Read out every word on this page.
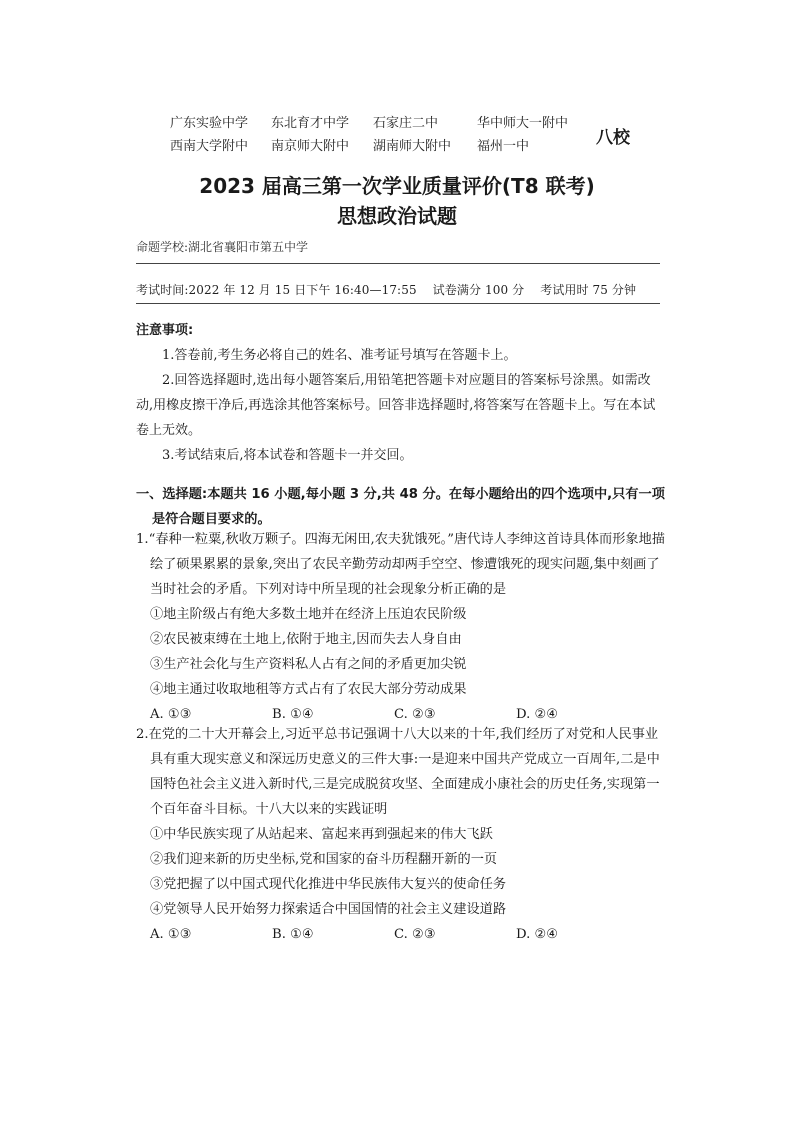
广东实验中学	东北育才中学	石家庄二中	华中师大一附中
西南大学附中	南京师大附中	湖南师大附中	福州一中	八校
2023 届高三第一次学业质量评价(T8 联考)
思想政治试题
命题学校:湖北省襄阳市第五中学
考试时间:2022 年 12 月 15 日下午 16:40—17:55　 试卷满分 100 分　 考试用时 75 分钟
注意事项:

1.答卷前,考生务必将自己的姓名、准考证号填写在答题卡上。

2.回答选择题时,选出每小题答案后,用铅笔把答题卡对应题目的答案标号涂黑。如需改动,用橡皮擦干净后,再选涂其他答案标号。回答非选择题时,将答案写在答题卡上。写在本试卷上无效。

3.考试结束后,将本试卷和答题卡一并交回。

一、选择题:本题共 16 小题,每小题 3 分,共 48 分。在每小题给出的四个选项中,只有一项
是符合题目要求的。
1.“春种一粒粟,秋收万颗子。四海无闲田,农夫犹饿死。”唐代诗人李绅这首诗具体而形象地描绘了硕果累累的景象,突出了农民辛勤劳动却两手空空、惨遭饿死的现实问题,集中刻画了当时社会的矛盾。下列对诗中所呈现的社会现象分析正确的是
①地主阶级占有绝大多数土地并在经济上压迫农民阶级
②农民被束缚在土地上,依附于地主,因而失去人身自由
③生产社会化与生产资料私人占有之间的矛盾更加尖锐
④地主通过收取地租等方式占有了农民大部分劳动成果
A. ①③	B. ①④	C. ②③	D. ②④
2.在党的二十大开幕会上,习近平总书记强调十八大以来的十年,我们经历了对党和人民事业具有重大现实意义和深远历史意义的三件大事:一是迎来中国共产党成立一百周年,二是中国特色社会主义进入新时代,三是完成脱贫攻坚、全面建成小康社会的历史任务,实现第一个百年奋斗目标。十八大以来的实践证明
①中华民族实现了从站起来、富起来再到强起来的伟大飞跃
②我们迎来新的历史坐标,党和国家的奋斗历程翻开新的一页
③党把握了以中国式现代化推进中华民族伟大复兴的使命任务
④党领导人民开始努力探索适合中国国情的社会主义建设道路
A. ①③	B. ①④	C. ②③	D. ②④
